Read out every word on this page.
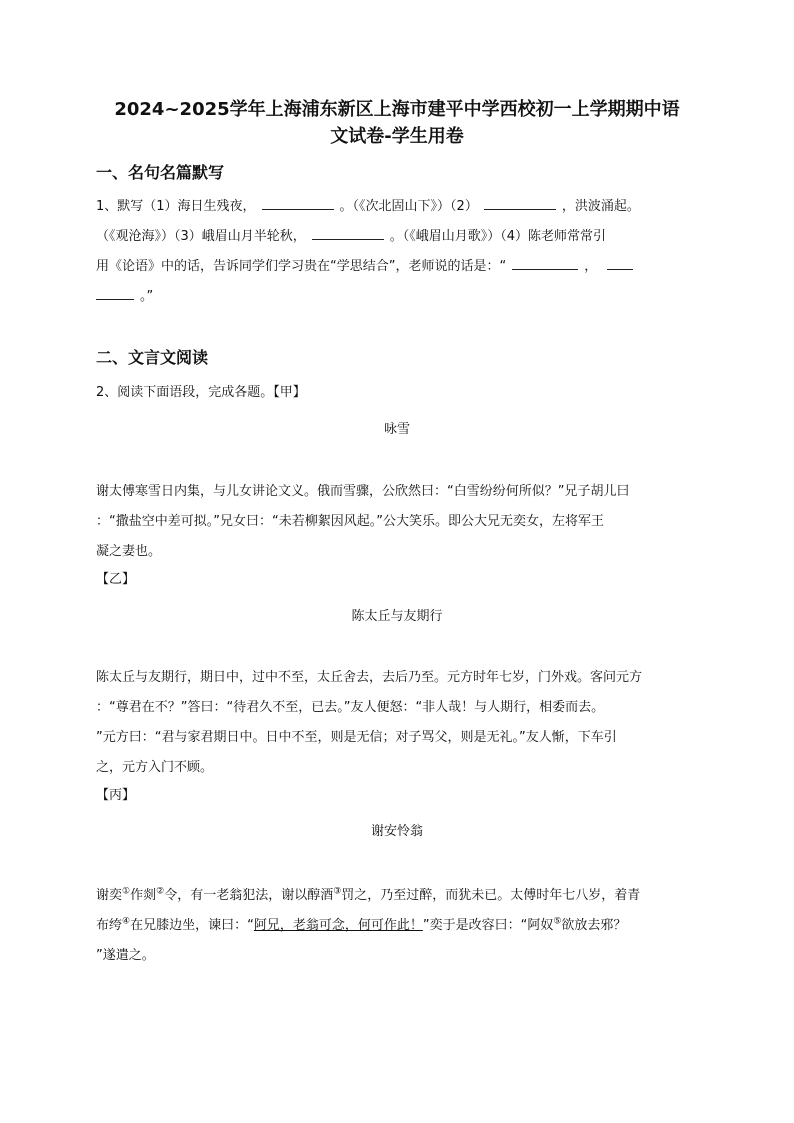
2024~2025学年上海浦东新区上海市建平中学西校初一上学期期中语
文试卷-学生用卷
一、名句名篇默写
1、默写（1）海日生残夜，	。（《次北固山下》）（2）	，洪波涌起。
（《观沧海》）（3）峨眉山月半轮秋，	。（《峨眉山月歌》）（4）陈老师常常引
用《论语》中的话，告诉同学们学习贵在“学思结合”，老师说的话是：“	，
。”
二、文言文阅读
2、阅读下面语段，完成各题。【甲】
咏雪
谢太傅寒雪日内集，与儿女讲论文义。俄而雪骤，公欣然曰：“白雪纷纷何所似？”兄子胡儿曰
：“撒盐空中差可拟。”兄女曰：“未若柳絮因风起。”公大笑乐。即公大兄无奕女，左将军王
凝之妻也。
【乙】
陈太丘与友期行
陈太丘与友期行，期日中，过中不至，太丘舍去，去后乃至。元方时年七岁，门外戏。客问元方
：“尊君在不？”答曰：“待君久不至，已去。”友人便怒：“非人哉！与人期行，相委而去。
”元方曰：“君与家君期日中。日中不至，则是无信；对子骂父，则是无礼。”友人惭，下车引
之，元方入门不顾。
【丙】
谢安怜翁
谢奕①作剡②令，有一老翁犯法，谢以醇酒③罚之，乃至过醉，而犹未已。太傅时年七八岁，着青
布绔④在兄膝边坐，谏曰：“阿兄，老翁可念，何可作此！”奕于是改容曰：“阿奴⑤欲放去邪？
”遂遣之。
